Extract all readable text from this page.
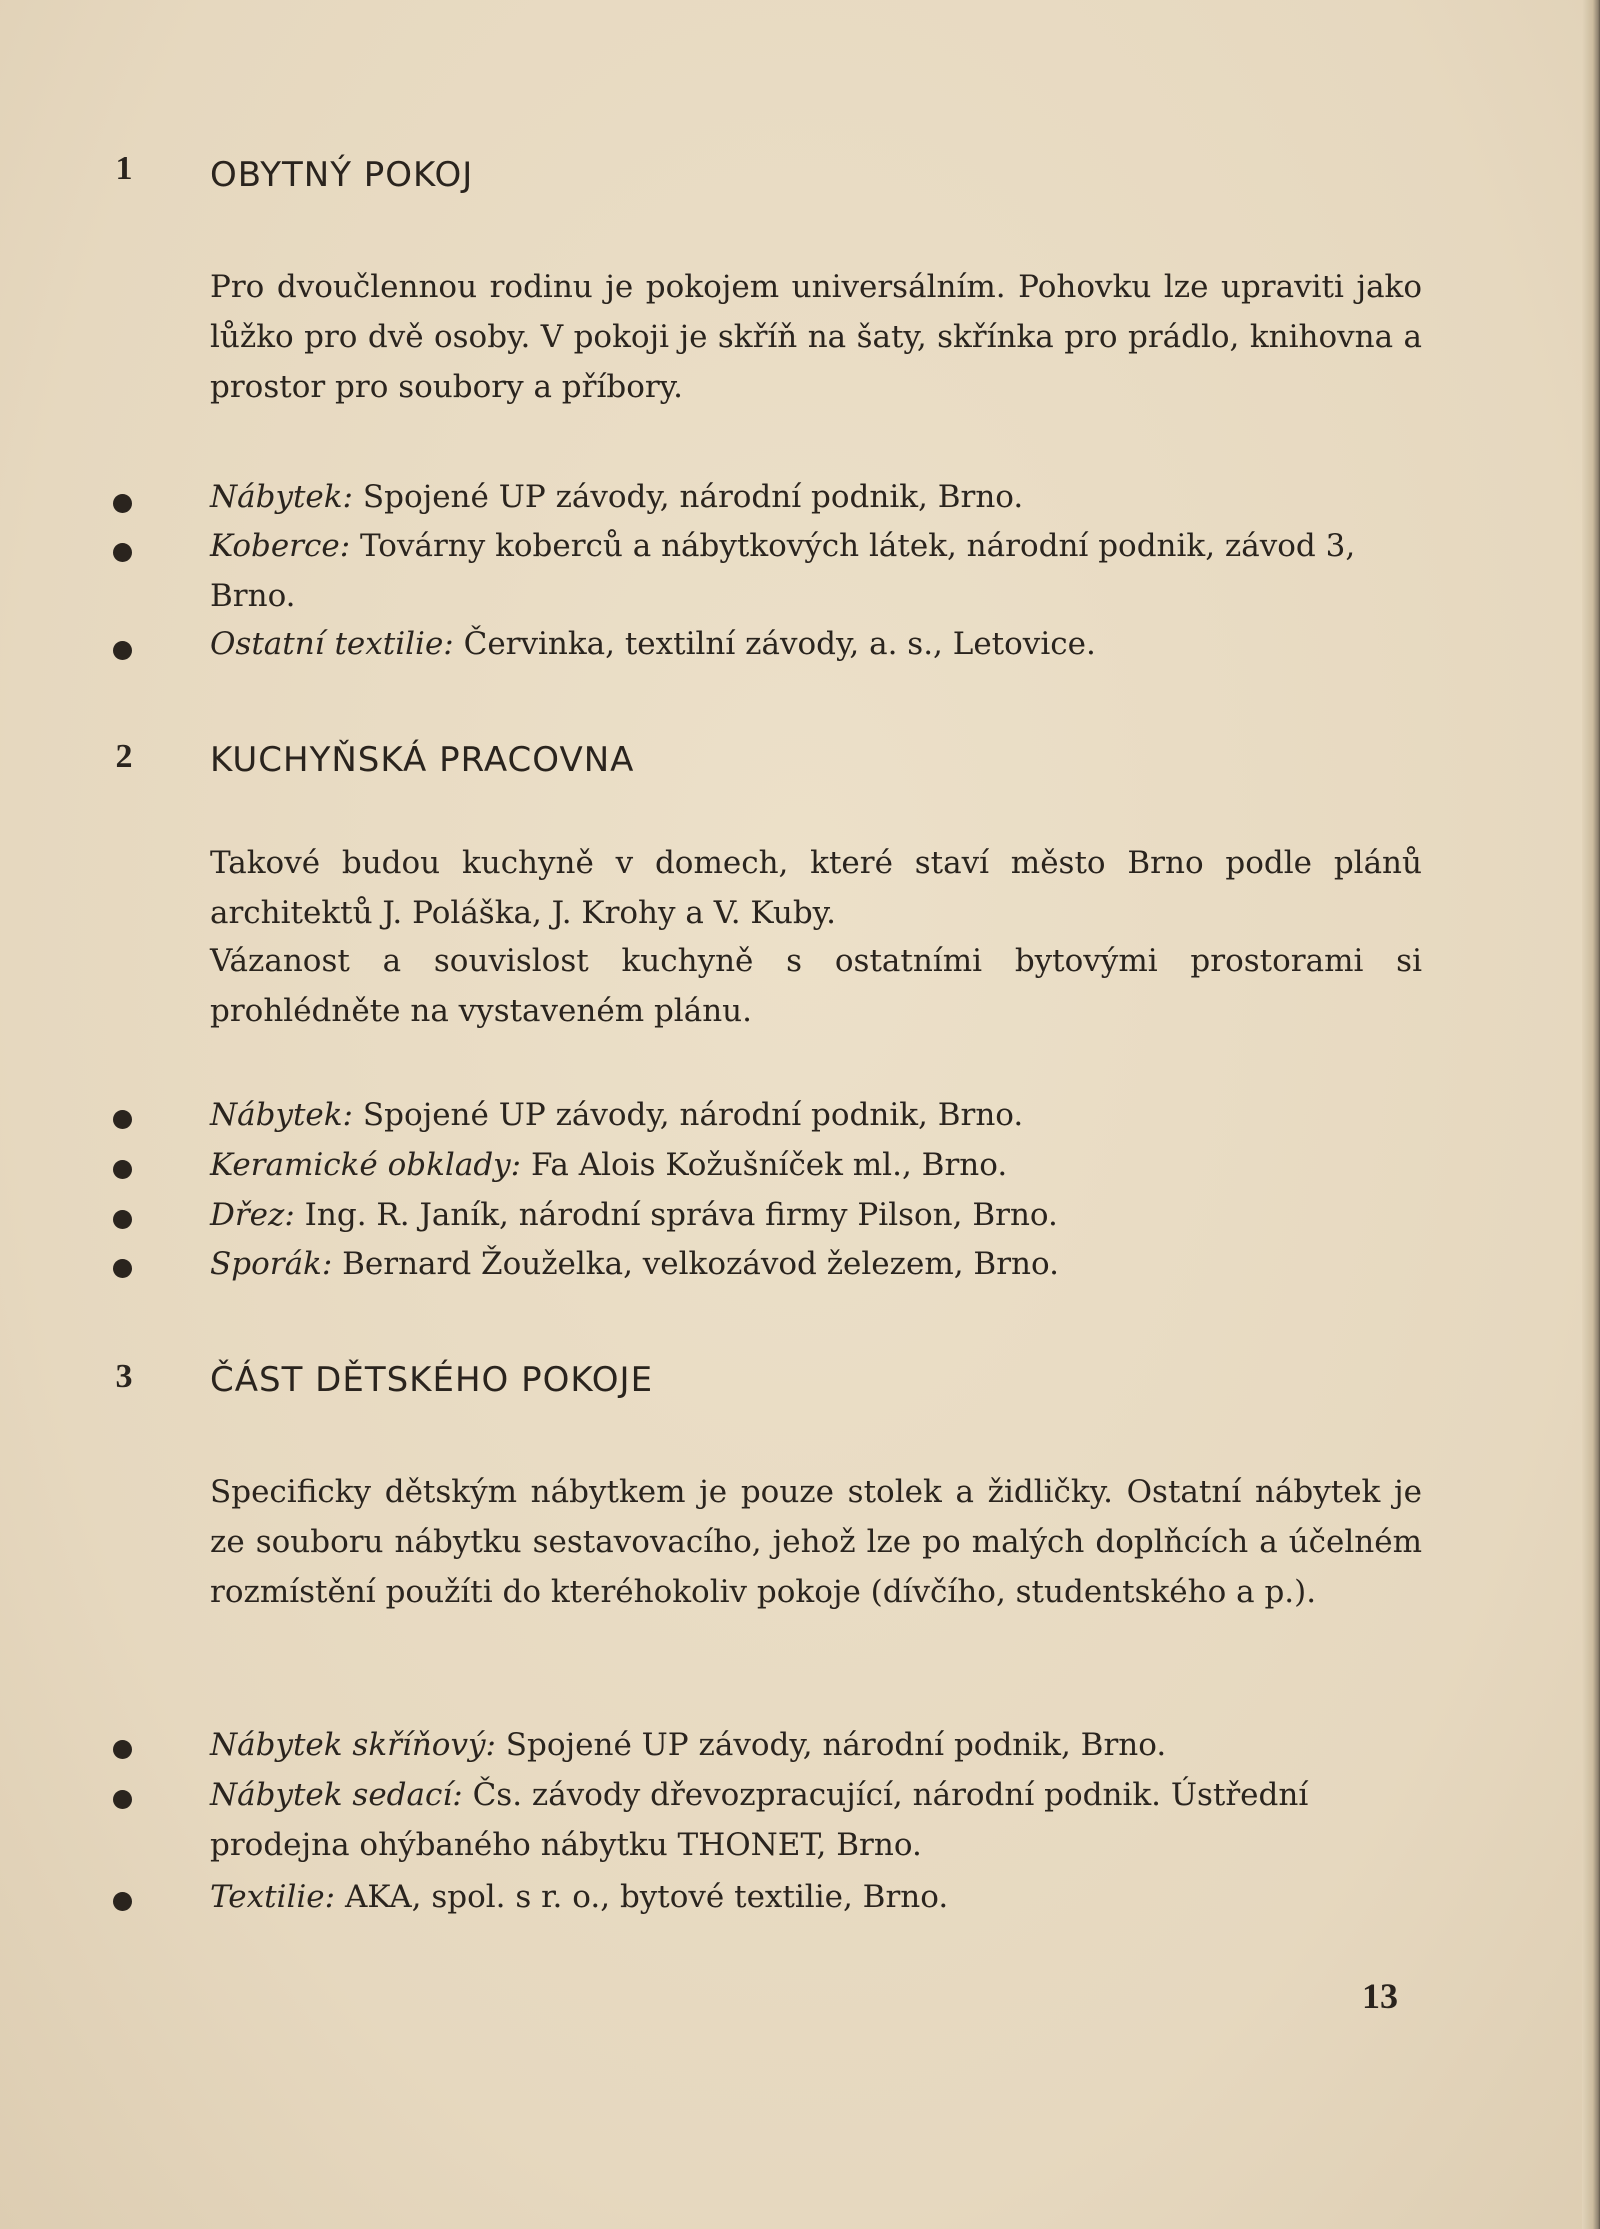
1 OBYTNÝ POKOJ
Pro dvoučlennou rodinu je pokojem universálním. Pohovku lze upraviti jako lůžko pro dvě osoby. V pokoji je skříň na šaty, skřínka pro prádlo, knihovna a prostor pro soubory a příbory.
Nábytek: Spojené UP závody, národní podnik, Brno.
Koberce: Továrny koberců a nábytkových látek, národní podnik, závod 3, Brno.
Ostatní textilie: Červinka, textilní závody, a. s., Letovice.
2 KUCHYŇSKÁ PRACOVNA
Takové budou kuchyně v domech, které staví město Brno podle plánů architektů J. Poláška, J. Krohy a V. Kuby.
Vázanost a souvislost kuchyně s ostatními bytovými prostorami si prohlédněte na vystaveném plánu.
Nábytek: Spojené UP závody, národní podnik, Brno.
Keramické obklady: Fa Alois Kožušníček ml., Brno.
Dřez: Ing. R. Janík, národní správa firmy Pilson, Brno.
Sporák: Bernard Žouželka, velkozávod železem, Brno.
3 ČÁST DĚTSKÉHO POKOJE
Specificky dětským nábytkem je pouze stolek a židličky. Ostatní nábytek je ze souboru nábytku sestavovacího, jehož lze po malých doplňcích a účelném rozmístění použíti do kteréhokoliv pokoje (dívčího, studentského a p.).
Nábytek skříňový: Spojené UP závody, národní podnik, Brno.
Nábytek sedací: Čs. závody dřevozpracující, národní podnik. Ústřední prodejna ohýbaného nábytku THONET, Brno.
Textilie: AKA, spol. s r. o., bytové textilie, Brno.
13
